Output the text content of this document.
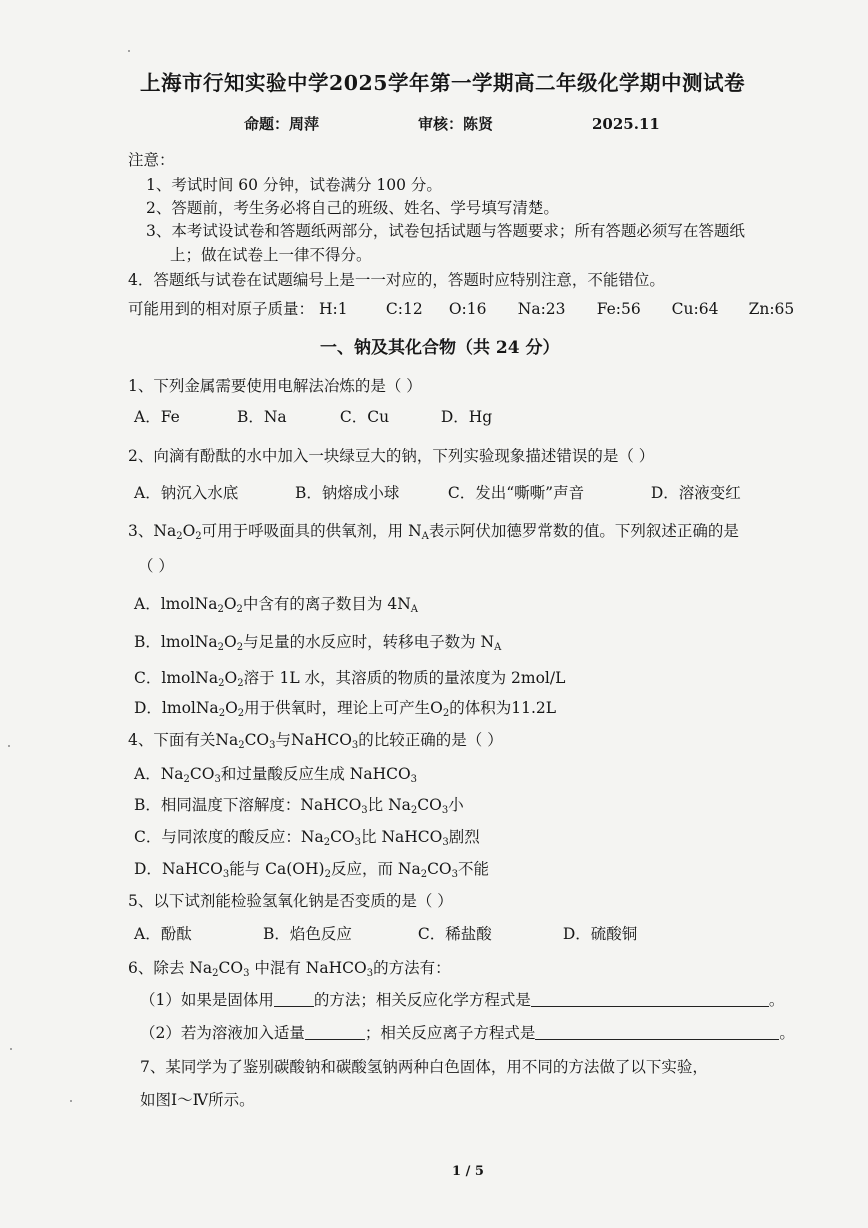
上海市行知实验中学2025学年第一学期高二年级化学期中测试卷
命题：周萍	审核：陈贤	2025.11
注意：
1、考试时间 60 分钟，试卷满分 100 分。
2、答题前，考生务必将自己的班级、姓名、学号填写清楚。
3、本考试设试卷和答题纸两部分，试卷包括试题与答题要求；所有答题必须写在答题纸
上；做在试卷上一律不得分。
4．答题纸与试卷在试题编号上是一一对应的，答题时应特别注意，不能错位。
可能用到的相对原子质量： H:1 C:12 O:16 Na:23 Fe:56 Cu:64 Zn:65
一、钠及其化合物（共 24 分）
1、下列金属需要使用电解法冶炼的是（ ）
A．Fe	B．Na	C．Cu	D．Hg
2、向滴有酚酞的水中加入一块绿豆大的钠，下列实验现象描述错误的是（ ）
A．钠沉入水底	B．钠熔成小球	C．发出“嘶嘶”声音	D．溶液变红
3、$Na_2O_2$可用于呼吸面具的供氧剂，用 $N_A$表示阿伏加德罗常数的值。下列叙述正确的是
（ ）
A．$lmolNa_2O_2$中含有的离子数目为 $4N_A$
B．$lmolNa_2O_2$与足量的水反应时，转移电子数为 $N_A$
C．$lmolNa_2O_2$溶于 1L 水，其溶质的物质的量浓度为 2mol/L
D．$lmolNa_2O_2$用于供氧时，理论上可产生$O_2$的体积为11.2L
4、下面有关$Na_2CO_3$与NaHCO$_3$的比较正确的是（ ）
A．$Na_2CO_3$和过量酸反应生成 NaHCO$_3$
B．相同温度下溶解度：NaHCO$_3$比 $Na_2CO_3$小
C．与同浓度的酸反应：$Na_2CO_3$比 NaHCO$_3$剧烈
D．NaHCO$_3$能与 $Ca(OH)_2$反应，而 $Na_2CO_3$不能
5、以下试剂能检验氢氧化钠是否变质的是（ ）
A．酚酞	B．焰色反应	C．稀盐酸	D．硫酸铜
6、除去 $Na_2CO_3$ 中混有 NaHCO$_3$的方法有：
（1）如果是固体用	的方法；相关反应化学方程式是	。
（2）若为溶液加入适量	；相关反应离子方程式是	。
7、某同学为了鉴别碳酸钠和碳酸氢钠两种白色固体，用不同的方法做了以下实验，
如图Ⅰ～Ⅳ所示。
1 / 5
